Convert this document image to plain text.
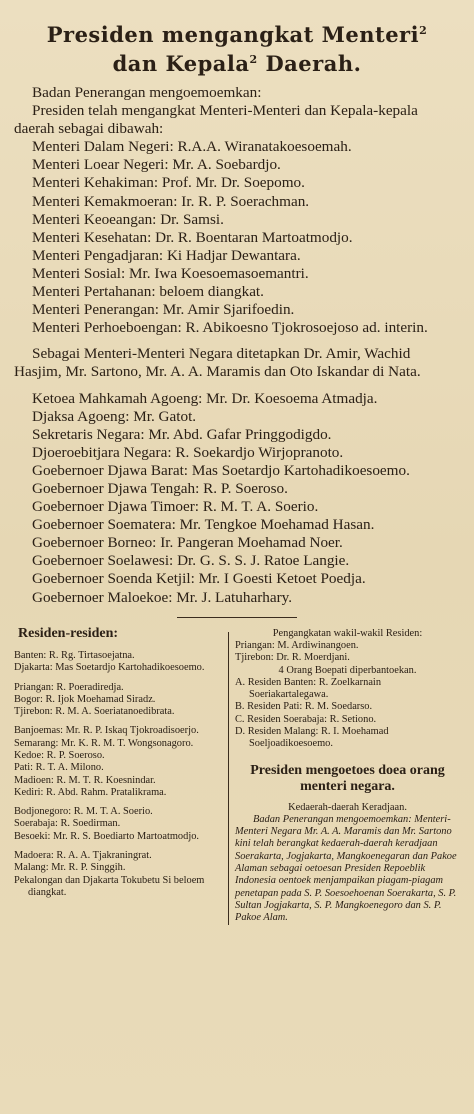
Presiden mengangkat Menteri$^2$
dan Kepala$^2$ Daerah.

Badan Penerangan mengoemoemkan:

Presiden telah mengangkat Menteri-Menteri dan Kepala-kepala daerah sebagai dibawah:

Menteri Dalam Negeri: R.A.A. Wiranatakoesoemah.

Menteri Loear Negeri: Mr. A. Soebardjo.

Menteri Kehakiman: Prof. Mr. Dr. Soepomo.

Menteri Kemakmoeran: Ir. R. P. Soerachman.

Menteri Keoeangan: Dr. Samsi.

Menteri Kesehatan: Dr. R. Boentaran Martoatmodjo.

Menteri Pengadjaran: Ki Hadjar Dewantara.

Menteri Sosial: Mr. Iwa Koesoemasoemantri.

Menteri Pertahanan: beloem diangkat.

Menteri Penerangan: Mr. Amir Sjarifoedin.

Menteri Perhoeboengan: R. Abikoesno Tjokrosoejoso ad. interin.

Sebagai Menteri-Menteri Negara ditetapkan Dr. Amir, Wachid Hasjim, Mr. Sartono, Mr. A. A. Maramis dan Oto Iskandar di Nata.

Ketoea Mahkamah Agoeng: Mr. Dr. Koesoema Atmadja.

Djaksa Agoeng: Mr. Gatot.

Sekretaris Negara: Mr. Abd. Gafar Pringgodigdo.

Djoeroebitjara Negara: R. Soekardjo Wirjopranoto.

Goebernoer Djawa Barat: Mas Soetardjo Kartohadikoesoemo.

Goebernoer Djawa Tengah: R. P. Soeroso.

Goebernoer Djawa Timoer: R. M. T. A. Soerio.

Goebernoer Soematera: Mr. Tengkoe Moehamad Hasan.

Goebernoer Borneo: Ir. Pangeran Moehamad Noer.

Goebernoer Soelawesi: Dr. G. S. S. J. Ratoe Langie.

Goebernoer Soenda Ketjil: Mr. I Goesti Ketoet Poedja.

Goebernoer Maloekoe: Mr. J. Latuharhary.

Residen-residen:

Banten: R. Rg. Tirtasoejatna.

Djakarta: Mas Soetardjo Kartohadikoesoemo.

Priangan: R. Poeradiredja.

Bogor: R. Ijok Moehamad Siradz.

Tjirebon: R. M. A. Soeriatanoedibrata.

Banjoemas: Mr. R. P. Iskaq Tjokroadisoerjo.

Semarang: Mr. K. R. M. T. Wongsonagoro.

Kedoe: R. P. Soeroso.

Pati: R. T. A. Milono.

Madioen: R. M. T. R. Koesnindar.

Kediri: R. Abd. Rahm. Pratalikrama.

Bodjonegoro: R. M. T. A. Soerio.

Soerabaja: R. Soedirman.

Besoeki: Mr. R. S. Boediarto Martoatmodjo.

Madoera: R. A. A. Tjakraningrat.

Malang: Mr. R. P. Singgih.

Pekalongan dan Djakarta Tokubetu Si beloem diangkat.

Pengangkatan wakil-wakil Residen:

Priangan: M. Ardiwinangoen.

Tjirebon: Dr. R. Moerdjani.

4 Orang Boepati diperbantoekan.

A. Residen Banten: R. Zoelkarnain Soeriakartalegawa.

B. Residen Pati: R. M. Soedarso.

C. Residen Soerabaja: R. Setiono.

D. Residen Malang: R. I. Moehamad Soeljoadikoesoemo.

Presiden mengoetoes doea orang menteri negara.

Kedaerah-daerah Keradjaan.

Badan Penerangan mengoemoemkan: Menteri-Menteri Negara Mr. A. A. Maramis dan Mr. Sartono kini telah berangkat kedaerah-daerah keradjaan Soerakarta, Jogjakarta, Mangkoenegaran dan Pakoe Alaman sebagai oetoesan Presiden Repoeblik Indonesia oentoek menjampaikan piagam-piagam penetapan pada S. P. Soesoehoenan Soerakarta, S. P. Sultan Jogjakarta, S. P. Mangkoenegoro dan S. P. Pakoe Alam.
